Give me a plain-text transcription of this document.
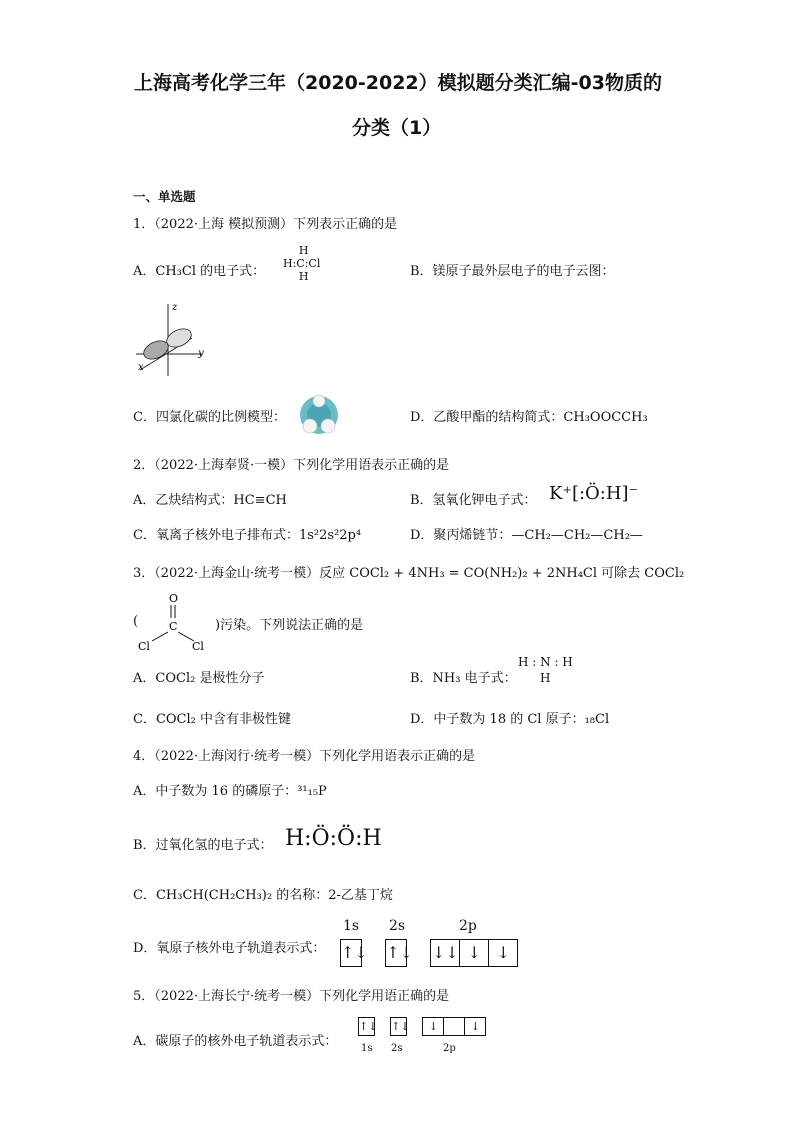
上海高考化学三年（2020-2022）模拟题分类汇编-03物质的
分类（1）
一、单选题
1．（2022·上海 模拟预测）下列表示正确的是
A．CH₃Cl 的电子式：
H
H:C:Cl
H	B．镁原子最外层电子的电子云图：
z
y
x
C．四氯化碳的比例模型：	D．乙酸甲酯的结构简式：CH₃OOCCH₃
2．（2022·上海奉贤·一模）下列化学用语表示正确的是
A．乙炔结构式：HC≡CH	B．氢氧化钾电子式： K⁺[:Ö:H]⁻
C．氧离子核外电子排布式：1s²2s²2p⁴	D．聚丙烯链节：—CH₂—CH₂—CH₂—
3．（2022·上海金山·统考一模）反应 COCl₂ + 4NH₃ = CO(NH₂)₂ + 2NH₄Cl 可除去 COCl₂
(
O
C
Cl	Cl
)污染。下列说法正确的是
A．COCl₂ 是极性分子	B．NH₃ 电子式：
H : N : H
H
C．COCl₂ 中含有非极性键	D．中子数为 18 的 Cl 原子：₁₈Cl
4．（2022·上海闵行·统考一模）下列化学用语表示正确的是
A．中子数为 16 的磷原子：³¹₁₅P
B．过氧化氢的电子式： H:Ö:Ö:H
C．CH₃CH(CH₂CH₃)₂ 的名称：2-乙基丁烷
D．氧原子核外电子轨道表示式：
1s 2s	2p
↑↓ ↑↓ ↓↓ ↓ ↓
5．（2022·上海长宁·统考一模）下列化学用语正确的是
A．碳原子的核外电子轨道表示式：
↑↓ ↑↓ ↓	↓
1s 2s	2p
